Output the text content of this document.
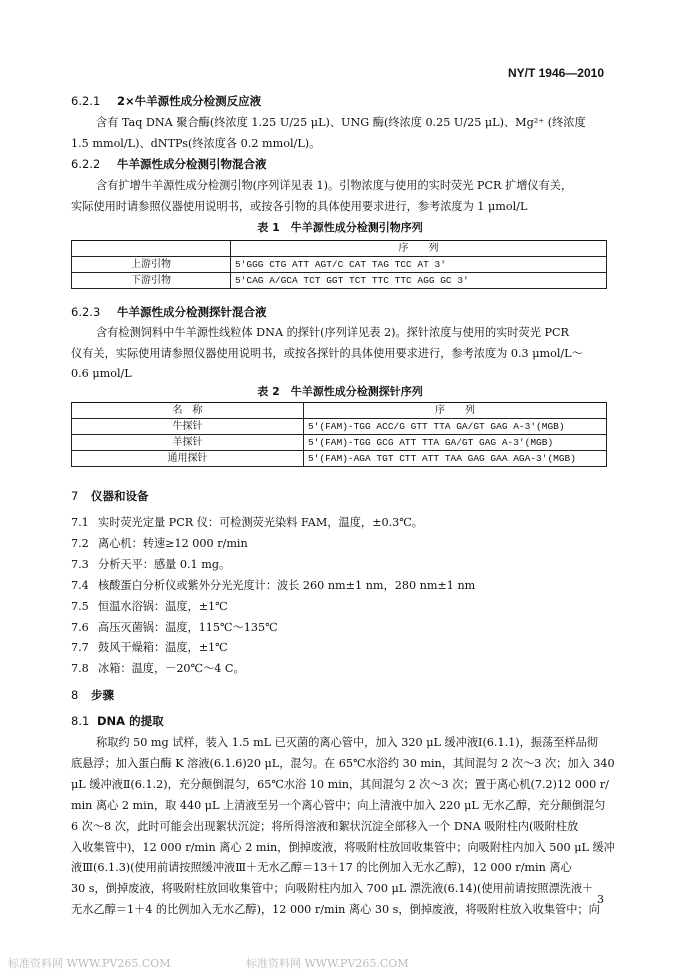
NY/T 1946—2010
6.2.1 2×牛羊源性成分检测反应液
含有 Taq DNA 聚合酶(终浓度 1.25 U/25 μL)、UNG 酶(终浓度 0.25 U/25 μL)、Mg²⁺ (终浓度
1.5 mmol/L)、dNTPs(终浓度各 0.2 mmol/L)。
6.2.2 牛羊源性成分检测引物混合液
含有扩增牛羊源性成分检测引物(序列详见表 1)。引物浓度与使用的实时荧光 PCR 扩增仪有关，
实际使用时请参照仪器使用说明书，或按各引物的具体使用要求进行，参考浓度为 1 μmol/L
表 1　牛羊源性成分检测引物序列
	序　　列
上游引物	5'GGG CTG ATT AGT/C CAT TAG TCC AT 3'
下游引物	5'CAG A/GCA TCT GGT TCT TTC TTC AGG GC 3'
6.2.3 牛羊源性成分检测探针混合液
含有检测饲料中牛羊源性线粒体 DNA 的探针(序列详见表 2)。探针浓度与使用的实时荧光 PCR
仪有关，实际使用请参照仪器使用说明书，或按各探针的具体使用要求进行，参考浓度为 0.3 μmol/L～
0.6 μmol/L
表 2　牛羊源性成分检测探针序列
名　称	序　　列
牛探针	5'(FAM)-TGG ACC/G GTT TTA GA/GT GAG A-3'(MGB)
羊探针	5'(FAM)-TGG GCG ATT TTA GA/GT GAG A-3'(MGB)
通用探针	5'(FAM)-AGA TGT CTT ATT TAA GAG GAA AGA-3'(MGB)
7 仪器和设备
7.1 实时荧光定量 PCR 仪：可检测荧光染料 FAM，温度，±0.3℃。
7.2 离心机：转速≥12 000 r/min
7.3 分析天平：感量 0.1 mg。
7.4 核酸蛋白分析仪或紫外分光光度计：波长 260 nm±1 nm，280 nm±1 nm
7.5 恒温水浴锅：温度，±1℃
7.6 高压灭菌锅：温度，115℃～135℃
7.7 鼓风干燥箱：温度，±1℃
7.8 冰箱：温度，－20℃～4 C。
8 步骤
8.1 DNA 的提取
称取约 50 mg 试样，装入 1.5 mL 已灭菌的离心管中，加入 320 μL 缓冲液Ⅰ(6.1.1)，振荡至样品彻
底悬浮；加入蛋白酶 K 溶液(6.1.6)20 μL，混匀。在 65℃水浴约 30 min，其间混匀 2 次～3 次；加入 340
μL 缓冲液Ⅱ(6.1.2)，充分颠倒混匀，65℃水浴 10 min，其间混匀 2 次～3 次；置于离心机(7.2)12 000 r/
min 离心 2 min，取 440 μL 上清液至另一个离心管中；向上清液中加入 220 μL 无水乙醇，充分颠倒混匀
6 次～8 次，此时可能会出现絮状沉淀；将所得溶液和絮状沉淀全部移入一个 DNA 吸附柱内(吸附柱放
入收集管中)，12 000 r/min 离心 2 min，倒掉废液，将吸附柱放回收集管中；向吸附柱内加入 500 μL 缓冲
液Ⅲ(6.1.3)(使用前请按照缓冲液Ⅲ＋无水乙醇＝13＋17 的比例加入无水乙醇)，12 000 r/min 离心
30 s，倒掉废液，将吸附柱放回收集管中；向吸附柱内加入 700 μL 漂洗液(6.14)(使用前请按照漂洗液＋
无水乙醇＝1＋4 的比例加入无水乙醇)，12 000 r/min 离心 30 s，倒掉废液，将吸附柱放入收集管中；向
3
标准资料网 WWW.PV265.COM	标准资料网 WWW.PV265.COM
